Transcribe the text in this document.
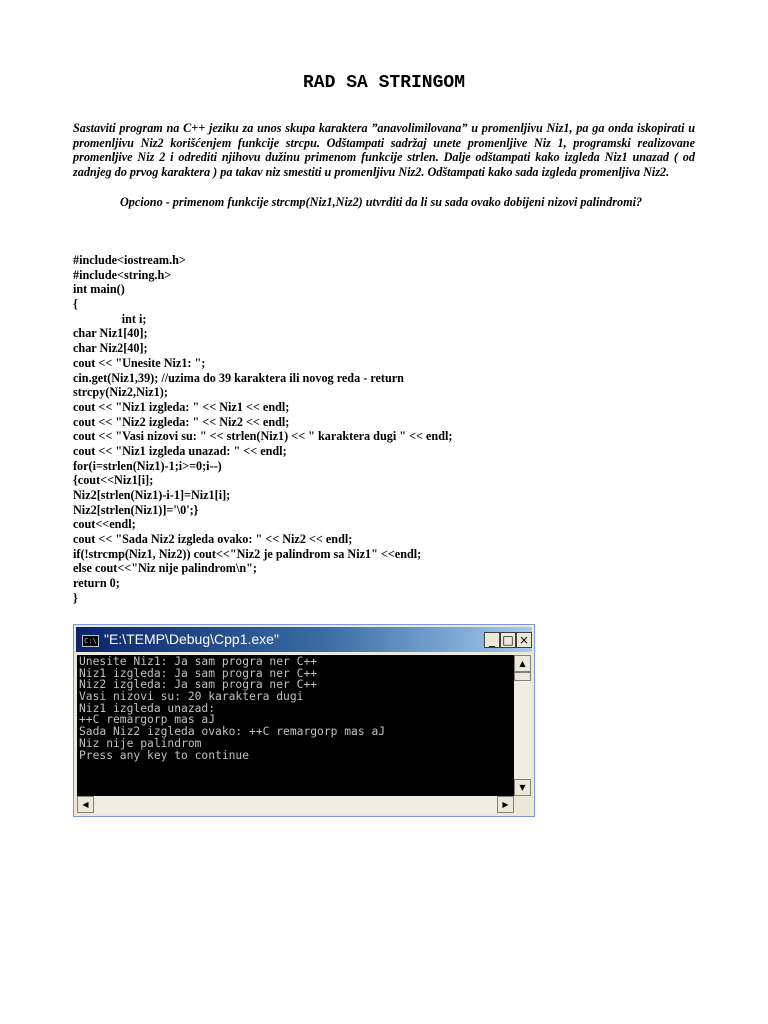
RAD SA STRINGOM

Sastaviti program na C++ jeziku za unos skupa karaktera ”anavolimilovana” u promenljivu Niz1, pa ga onda iskopirati u promenljivu Niz2 korišćenjem funkcije strcpu. Odštampati sadržaj unete promenljive Niz 1, programski realizovane promenljive Niz 2 i odrediti njihovu dužinu primenom funkcije strlen. Dalje odštampati kako izgleda Niz1 unazad ( od zadnjeg do prvog karaktera ) pa takav niz smestiti u promenljivu Niz2. Odštampati kako sada izgleda promenljiva Niz2.

Opciono - primenom funkcije strcmp(Niz1,Niz2) utvrditi da li su sada ovako dobijeni nizovi palindromi?

#include<iostream.h>
#include<string.h>
int main()
{
int i;
char Niz1[40];
char Niz2[40];
cout << "Unesite Niz1: ";
cin.get(Niz1,39); //uzima do 39 karaktera ili novog reda - return
strcpy(Niz2,Niz1);
cout << "Niz1 izgleda: " << Niz1 << endl;
cout << "Niz2 izgleda: " << Niz2 << endl;
cout << "Vasi nizovi su: " << strlen(Niz1) << " karaktera dugi " << endl;
cout << "Niz1 izgleda unazad: " << endl;
for(i=strlen(Niz1)-1;i>=0;i--)
{cout<<Niz1[i];
Niz2[strlen(Niz1)-i-1]=Niz1[i];
Niz2[strlen(Niz1)]='\0';}
cout<<endl;
cout << "Sada Niz2 izgleda ovako: " << Niz2 << endl;
if(!strcmp(Niz1, Niz2)) cout<<"Niz2 je palindrom sa Niz1" <<endl;
else cout<<"Niz nije palindrom\n";
return 0;
}
C:\ "E:\TEMP\Debug\Cpp1.exe"	_ □ ×
Unesite Niz1: Ja sam progra ner C++
Niz1 izgleda: Ja sam progra ner C++
Niz2 izgleda: Ja sam progra ner C++
Vasi nizovi su: 20 karaktera dugi
Niz1 izgleda unazad:
++C remargorp mas aJ
Sada Niz2 izgleda ovako: ++C remargorp mas aJ
Niz nije palindrom
Press any key to continue
▲
▼
◀	▶
